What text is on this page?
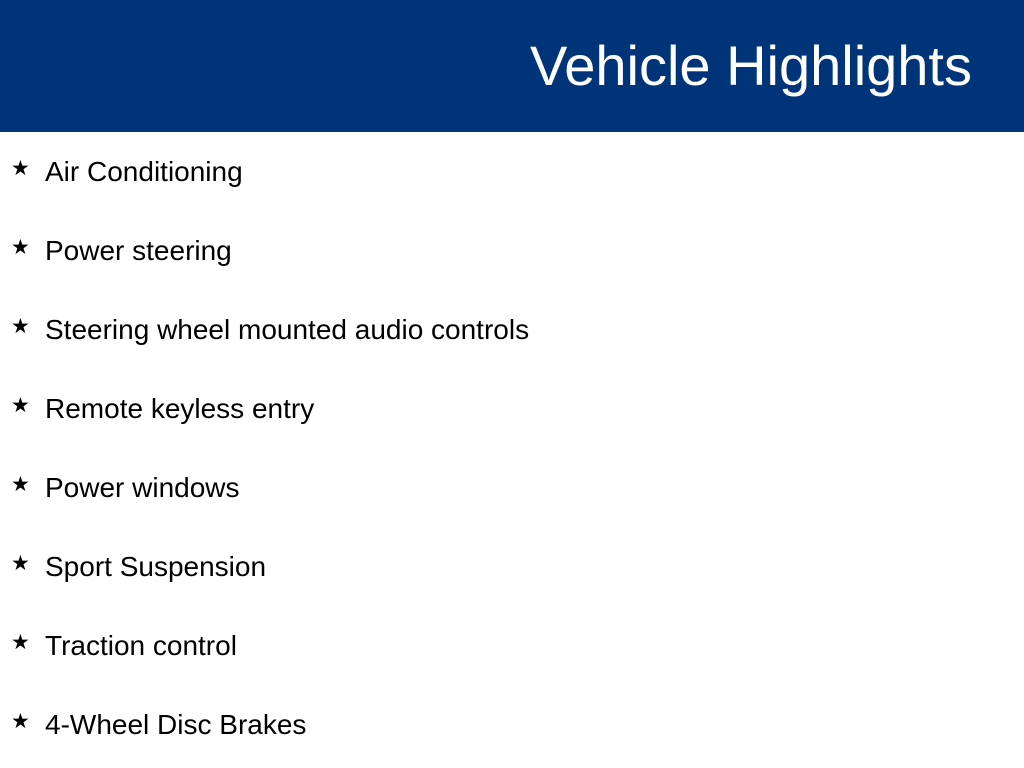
Vehicle Highlights
★ Air Conditioning
★ Power steering
★ Steering wheel mounted audio controls
★ Remote keyless entry
★ Power windows
★ Sport Suspension
★ Traction control
★ 4-Wheel Disc Brakes
